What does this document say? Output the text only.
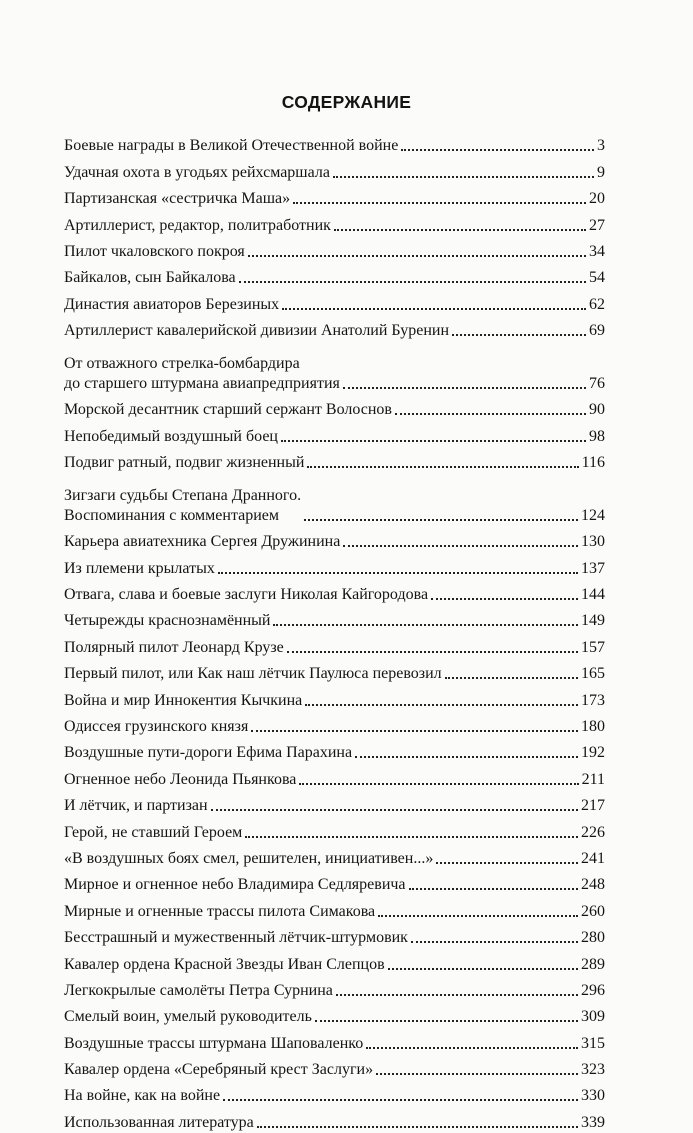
СОДЕРЖАНИЕ
Боевые награды в Великой Отечественной войне	3
Удачная охота в угодьях рейхсмаршала	9
Партизанская «сестричка Маша»	20
Артиллерист, редактор, политработник	27
Пилот чкаловского покроя	34
Байкалов, сын Байкалова	54
Династия авиаторов Березиных	62
Артиллерист кавалерийской дивизии Анатолий Буренин	69
От отважного стрелка-бомбардира
до старшего штурмана авиапредприятия	76
Морской десантник старший сержант Волоснов	90
Непобедимый воздушный боец	98
Подвиг ратный, подвиг жизненный	116
Зигзаги судьбы Степана Дранного.
Воспоминания с комментарием	124
Карьера авиатехника Сергея Дружинина	130
Из племени крылатых	137
Отвага, слава и боевые заслуги Николая Кайгородова	144
Четырежды краснознамённый	149
Полярный пилот Леонард Крузе	157
Первый пилот, или Как наш лётчик Паулюса перевозил	165
Война и мир Иннокентия Кычкина	173
Одиссея грузинского князя	180
Воздушные пути-дороги Ефима Парахина	192
Огненное небо Леонида Пьянкова	211
И лётчик, и партизан	217
Герой, не ставший Героем	226
«В воздушных боях смел, решителен, инициативен...»	241
Мирное и огненное небо Владимира Седляревича	248
Мирные и огненные трассы пилота Симакова	260
Бесстрашный и мужественный лётчик-штурмовик	280
Кавалер ордена Красной Звезды Иван Слепцов	289
Легкокрылые самолёты Петра Сурнина	296
Смелый воин, умелый руководитель	309
Воздушные трассы штурмана Шаповаленко	315
Кавалер ордена «Серебряный крест Заслуги»	323
На войне, как на войне	330
Использованная литература	339
